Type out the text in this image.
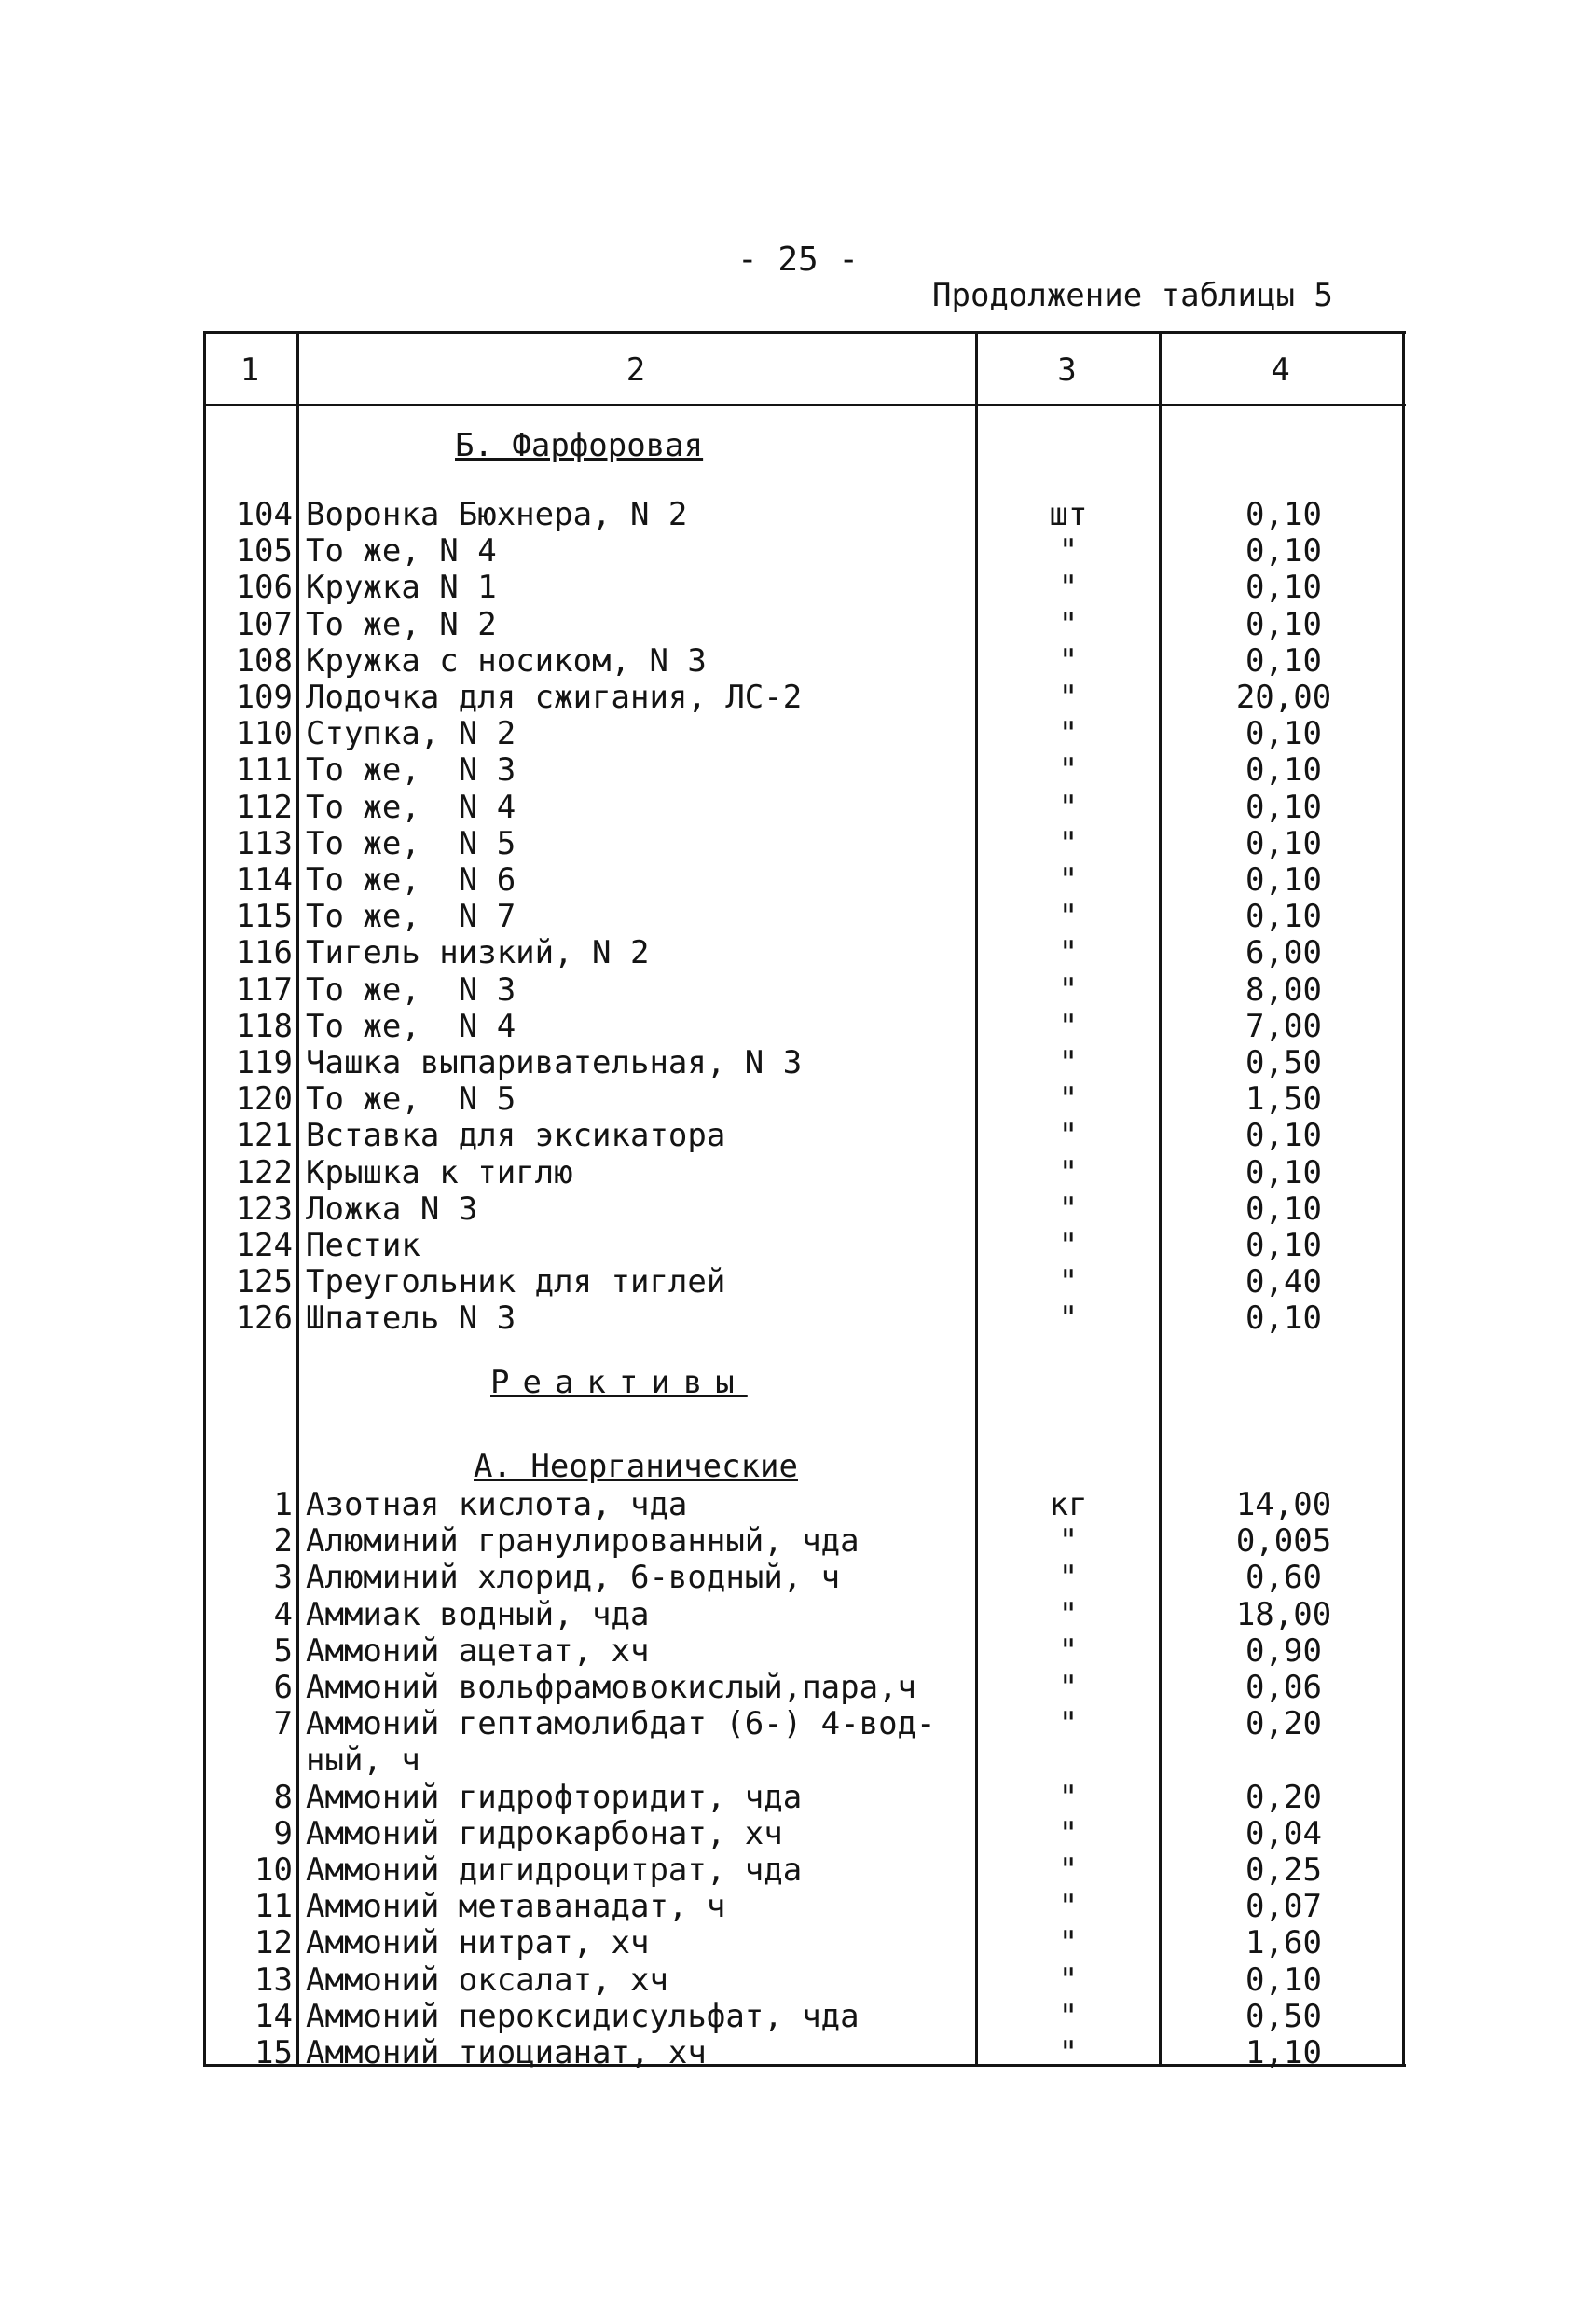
- 25 -
Продолжение таблицы 5
1	2	3	4
Б. Фарфоровая
Реактивы
А. Неорганические
104 Воронка Бюхнера, N 2	шт	0,10
105 То же, N 4	"	0,10
106 Кружка N 1	"	0,10
107 То же, N 2	"	0,10
108 Кружка с носиком, N 3	"	0,10
109 Лодочка для сжигания, ЛС-2	"	20,00
110 Ступка, N 2	"	0,10
111 То же,  N 3	"	0,10
112 То же,  N 4	"	0,10
113 То же,  N 5	"	0,10
114 То же,  N 6	"	0,10
115 То же,  N 7	"	0,10
116 Тигель низкий, N 2	"	6,00
117 То же,  N 3	"	8,00
118 То же,  N 4	"	7,00
119 Чашка выпаривательная, N 3	"	0,50
120 То же,  N 5	"	1,50
121 Вставка для эксикатора	"	0,10
122 Крышка к тиглю	"	0,10
123 Ложка N 3	"	0,10
124 Пестик	"	0,10
125 Треугольник для тиглей	"	0,40
126 Шпатель N 3	"	0,10
1 Азотная кислота, чда	кг	14,00
2 Алюминий гранулированный, чда	"	0,005
3 Алюминий хлорид, 6-водный, ч	"	0,60
4 Аммиак водный, чда	"	18,00
5 Аммоний ацетат, хч	"	0,90
6 Аммоний вольфрамовокислый,пара,ч	"	0,06
7 Аммоний гептамолибдат (6-) 4-вод-	"	0,20
ный, ч
8 Аммоний гидрофторидит, чда	"	0,20
9 Аммоний гидрокарбонат, хч	"	0,04
10 Аммоний дигидроцитрат, чда	"	0,25
11 Аммоний метаванадат, ч	"	0,07
12 Аммоний нитрат, хч	"	1,60
13 Аммоний оксалат, хч	"	0,10
14 Аммоний пероксидисульфат, чда	"	0,50
15 Аммоний тиоцианат, хч	"	1,10
